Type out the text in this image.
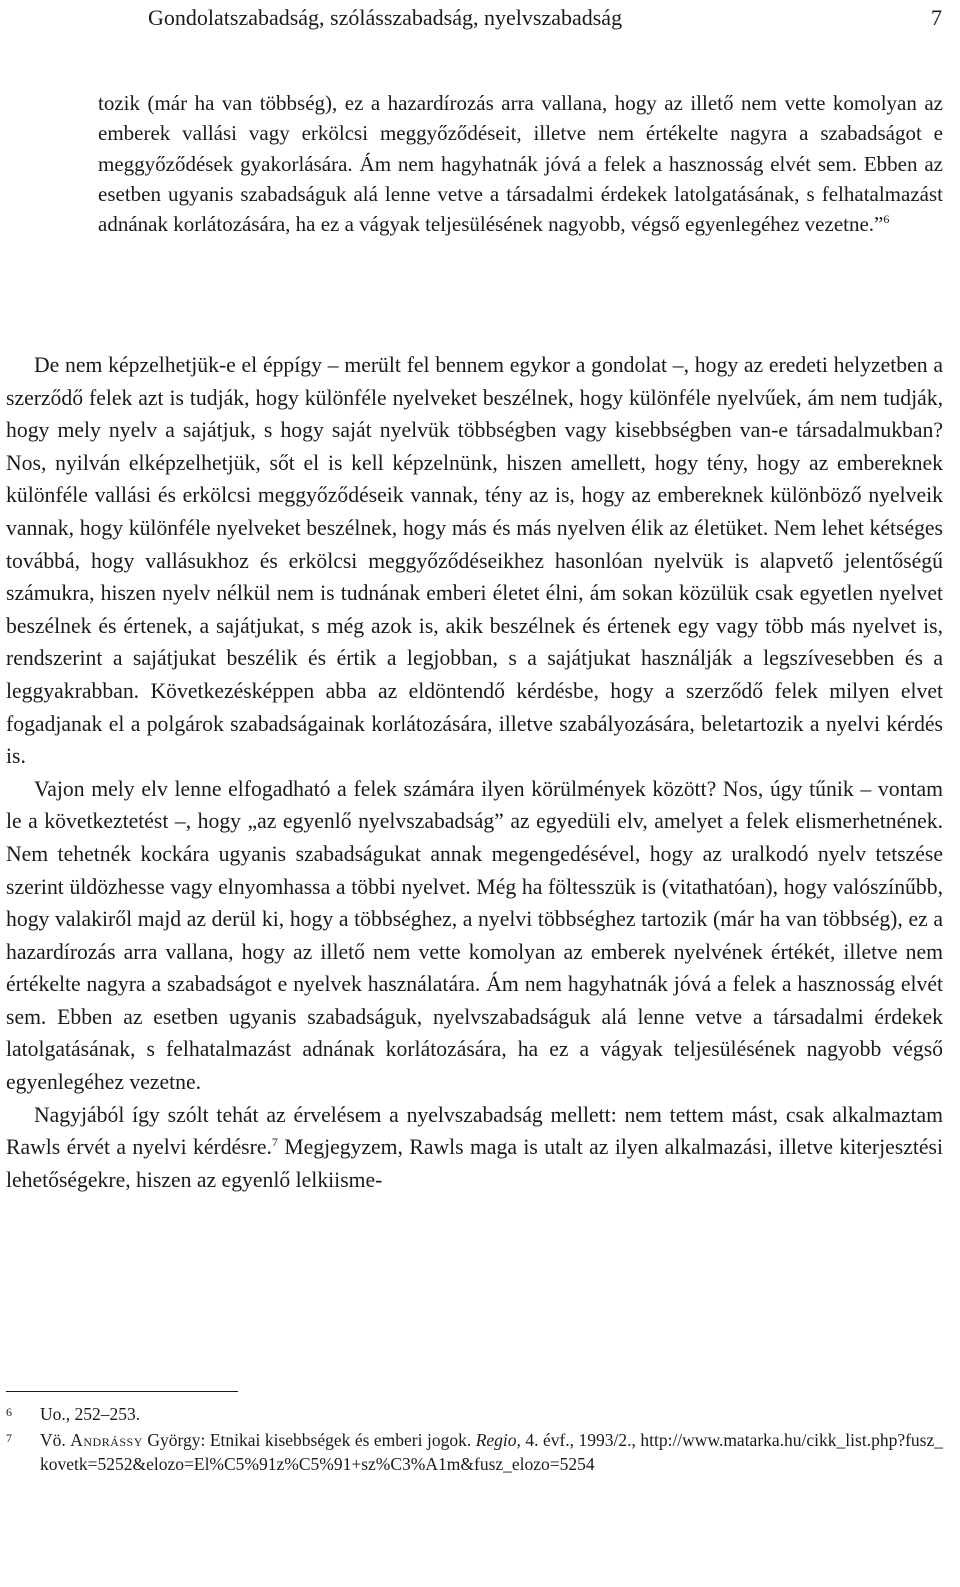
Gondolatszabadság, szólásszabadság, nyelvszabadság	7

tozik (már ha van többség), ez a hazardírozás arra vallana, hogy az illető nem vette komolyan az emberek vallási vagy erkölcsi meggyőződéseit, illetve nem értékelte nagyra a szabadságot e meggyőződések gyakorlására. Ám nem hagyhatnák jóvá a felek a hasznosság elvét sem. Ebben az esetben ugyanis szabadságuk alá lenne vetve a társadalmi érdekek latolgatásának, s felhatalmazást adnának korlátozására, ha ez a vágyak teljesülésének nagyobb, végső egyenlegéhez vezetne.”$^6$

De nem képzelhetjük-e el éppígy – merült fel bennem egykor a gondolat –, hogy az eredeti helyzetben a szerződő felek azt is tudják, hogy különféle nyelveket beszélnek, hogy különféle nyelvűek, ám nem tudják, hogy mely nyelv a sajátjuk, s hogy saját nyelvük többségben vagy kisebbségben van-e társadalmukban? Nos, nyilván elképzelhetjük, sőt el is kell képzelnünk, hiszen amellett, hogy tény, hogy az embereknek különféle vallási és erkölcsi meggyőződéseik vannak, tény az is, hogy az embereknek különböző nyelveik vannak, hogy különféle nyelveket beszélnek, hogy más és más nyelven élik az életüket. Nem lehet kétséges továbbá, hogy vallásukhoz és erkölcsi meggyőződéseikhez hasonlóan nyelvük is alapvető jelentőségű számukra, hiszen nyelv nélkül nem is tudnának emberi életet élni, ám sokan közülük csak egyetlen nyelvet beszélnek és értenek, a sajátjukat, s még azok is, akik beszélnek és értenek egy vagy több más nyelvet is, rendszerint a sajátjukat beszélik és értik a legjobban, s a sajátjukat használják a legszívesebben és a leggyakrabban. Következésképpen abba az eldöntendő kérdésbe, hogy a szerződő felek milyen elvet fogadjanak el a polgárok szabadságainak korlátozására, illetve szabályozására, beletartozik a nyelvi kérdés is.

Vajon mely elv lenne elfogadható a felek számára ilyen körülmények között? Nos, úgy tűnik – vontam le a következtetést –, hogy „az egyenlő nyelvszabadság” az egyedüli elv, amelyet a felek elismerhetnének. Nem tehetnék kockára ugyanis szabadságukat annak megengedésével, hogy az uralkodó nyelv tetszése szerint üldözhesse vagy elnyomhassa a többi nyelvet. Még ha föltesszük is (vitathatóan), hogy valószínűbb, hogy valakiről majd az derül ki, hogy a többséghez, a nyelvi többséghez tartozik (már ha van többség), ez a hazardírozás arra vallana, hogy az illető nem vette komolyan az emberek nyelvének értékét, illetve nem értékelte nagyra a szabadságot e nyelvek használatára. Ám nem hagyhatnák jóvá a felek a hasznosság elvét sem. Ebben az esetben ugyanis szabadságuk, nyelvszabadságuk alá lenne vetve a társadalmi érdekek latolgatásának, s felhatalmazást adnának korlátozására, ha ez a vágyak teljesülésének nagyobb végső egyenlegéhez vezetne.

Nagyjából így szólt tehát az érvelésem a nyelvszabadság mellett: nem tettem mást, csak alkalmaztam Rawls érvét a nyelvi kérdésre.$^7$ Megjegyzem, Rawls maga is utalt az ilyen alkalmazási, illetve kiterjesztési lehetőségekre, hiszen az egyenlő lelkiisme-

6	Uo., 252–253.
7	Vö. Andrássy György: Etnikai kisebbségek és emberi jogok. Regio, 4. évf., 1993/2., http://www.matarka.hu/cikk_list.php?fusz_kovetk=5252&elozo=El%C5%91z%C5%91+sz%C3%A1m&fusz_elozo=5254
